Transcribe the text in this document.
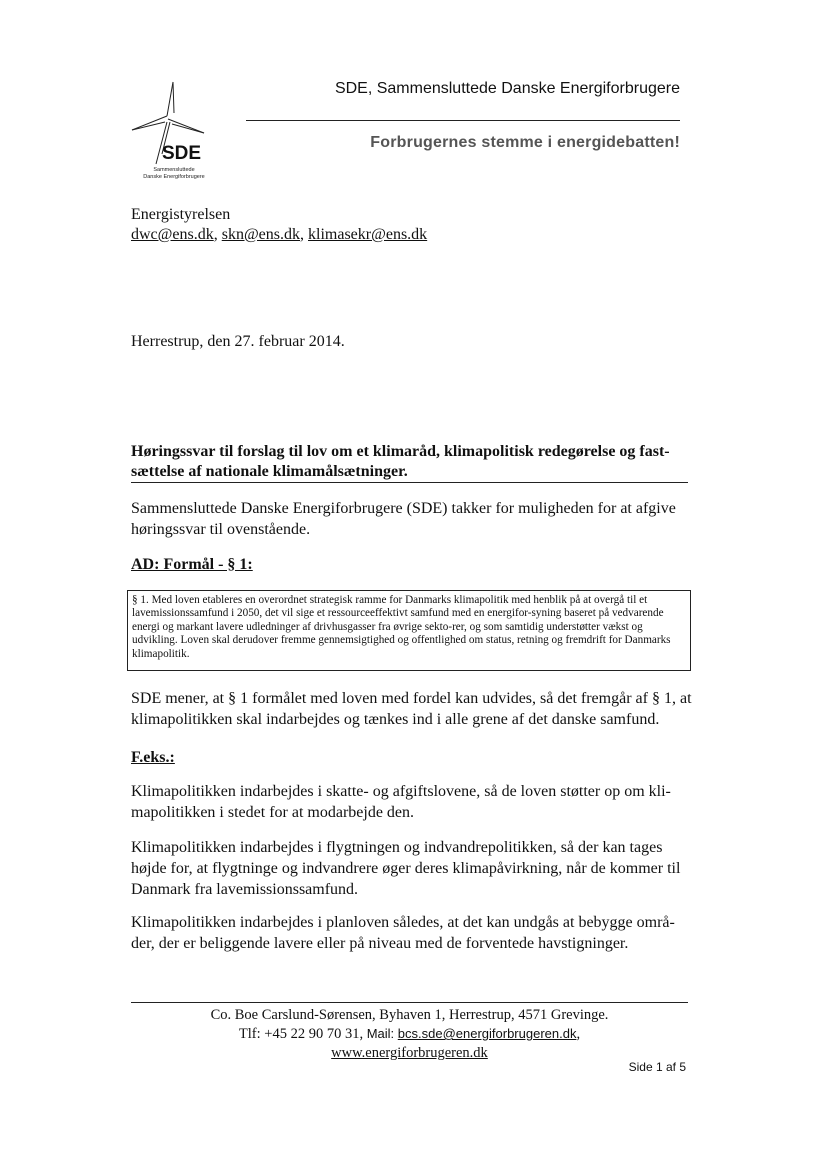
SDE
Sammensluttede
Danske Energiforbrugere
SDE, Sammensluttede Danske Energiforbrugere
Forbrugernes stemme i energidebatten!
Energistyrelsen
dwc@ens.dk, skn@ens.dk, klimasekr@ens.dk
Herrestrup, den 27. februar 2014.
Høringssvar til forslag til lov om et klimaråd, klimapolitisk redegørelse og fast-sættelse af nationale klimamålsætninger.
Sammensluttede Danske Energiforbrugere (SDE) takker for muligheden for at afgive høringssvar til ovenstående.
AD: Formål - § 1:
§ 1. Med loven etableres en overordnet strategisk ramme for Danmarks klimapolitik med henblik på at overgå til et lavemissionssamfund i 2050, det vil sige et ressourceeffektivt samfund med en energifor-syning baseret på vedvarende energi og markant lavere udledninger af drivhusgasser fra øvrige sekto-rer, og som samtidig understøtter vækst og udvikling. Loven skal derudover fremme gennemsigtighed og offentlighed om status, retning og fremdrift for Danmarks klimapolitik.
SDE mener, at § 1 formålet med loven med fordel kan udvides, så det fremgår af § 1, at klimapolitikken skal indarbejdes og tænkes ind i alle grene af det danske samfund.
F.eks.:
Klimapolitikken indarbejdes i skatte- og afgiftslovene, så de loven støtter op om kli-mapolitikken i stedet for at modarbejde den.
Klimapolitikken indarbejdes i flygtningen og indvandrepolitikken, så der kan tages højde for, at flygtninge og indvandrere øger deres klimapåvirkning, når de kommer til Danmark fra lavemissionssamfund.
Klimapolitikken indarbejdes i planloven således, at det kan undgås at bebygge områ-der, der er beliggende lavere eller på niveau med de forventede havstigninger.
Co. Boe Carslund-Sørensen, Byhaven 1, Herrestrup, 4571 Grevinge.
Tlf: +45 22 90 70 31, Mail: bcs.sde@energiforbrugeren.dk,
www.energiforbrugeren.dk
Side 1 af 5
